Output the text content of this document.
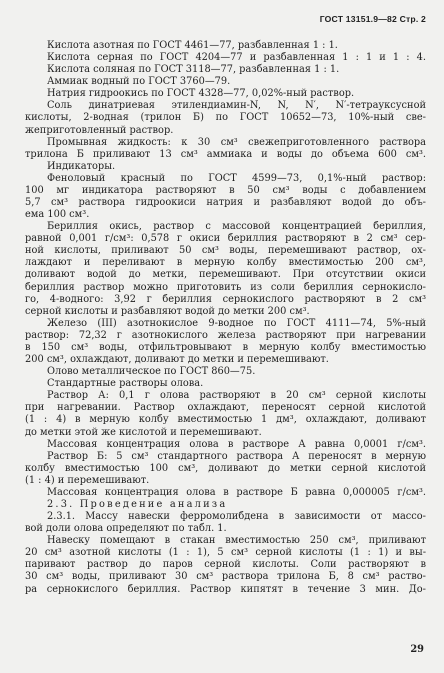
ГОСТ 13151.9—82 Стр. 2
Кислота азотная по ГОСТ 4461—77, разбавленная 1 : 1.
Кислота серная по ГОСТ 4204—77 и разбавленная 1 : 1 и 1 : 4.
Кислота соляная по ГОСТ 3118—77, разбавленная 1 : 1.
Аммиак водный по ГОСТ 3760—79.
Натрия гидроокись по ГОСТ 4328—77, 0,02%-ный раствор.
Соль динатриевая этилендиамин-N, N, N′, N′-тетрауксусной
кислоты, 2-водная (трилон Б) по ГОСТ 10652—73, 10%-ный све-
жеприготовленный раствор.
Промывная жидкость: к 30 см³ свежеприготовленного раствора
трилона Б приливают 13 см³ аммиака и воды до объема 600 см³.
Индикаторы.
Феноловый красный по ГОСТ 4599—73, 0,1%-ный раствор:
100 мг индикатора растворяют в 50 см³ воды с добавлением
5,7 см³ раствора гидроокиси натрия и разбавляют водой до объ-
ема 100 см³.
Бериллия окись, раствор с массовой концентрацией бериллия,
равной 0,001 г/см³: 0,578 г окиси бериллия растворяют в 2 см³ сер-
ной кислоты, приливают 50 см³ воды, перемешивают раствор, ох-
лаждают и переливают в мерную колбу вместимостью 200 см³,
доливают водой до метки, перемешивают. При отсутствии окиси
бериллия раствор можно приготовить из соли бериллия сернокисло-
го, 4-водного: 3,92 г бериллия сернокислого растворяют в 2 см³
серной кислоты и разбавляют водой до метки 200 см³.
Железо (III) азотнокислое 9-водное по ГОСТ 4111—74, 5%-ный
раствор: 72,32 г азотнокислого железа растворяют при нагревании
в 150 см³ воды, отфильтровывают в мерную колбу вместимостью
200 см³, охлаждают, доливают до метки и перемешивают.
Олово металлическое по ГОСТ 860—75.
Стандартные растворы олова.
Раствор А: 0,1 г олова растворяют в 20 см³ серной кислоты
при нагревании. Раствор охлаждают, переносят серной кислотой
(1 : 4) в мерную колбу вместимостью 1 дм³, охлаждают, доливают
до метки этой же кислотой и перемешивают.
Массовая концентрация олова в растворе А равна 0,0001 г/см³.
Раствор Б: 5 см³ стандартного раствора А переносят в мерную
колбу вместимостью 100 см³, доливают до метки серной кислотой
(1 : 4) и перемешивают.
Массовая концентрация олова в растворе Б равна 0,000005 г/см³.
2.3. Проведение анализа
2.3.1. Массу навески ферромолибдена в зависимости от массо-
вой доли олова определяют по табл. 1.
Навеску помещают в стакан вместимостью 250 см³, приливают
20 см³ азотной кислоты (1 : 1), 5 см³ серной кислоты (1 : 1) и вы-
паривают раствор до паров серной кислоты. Соли растворяют в
30 см³ воды, приливают 30 см³ раствора трилона Б, 8 см³ раство-
ра сернокислого бериллия. Раствор кипятят в течение 3 мин. До-
29
